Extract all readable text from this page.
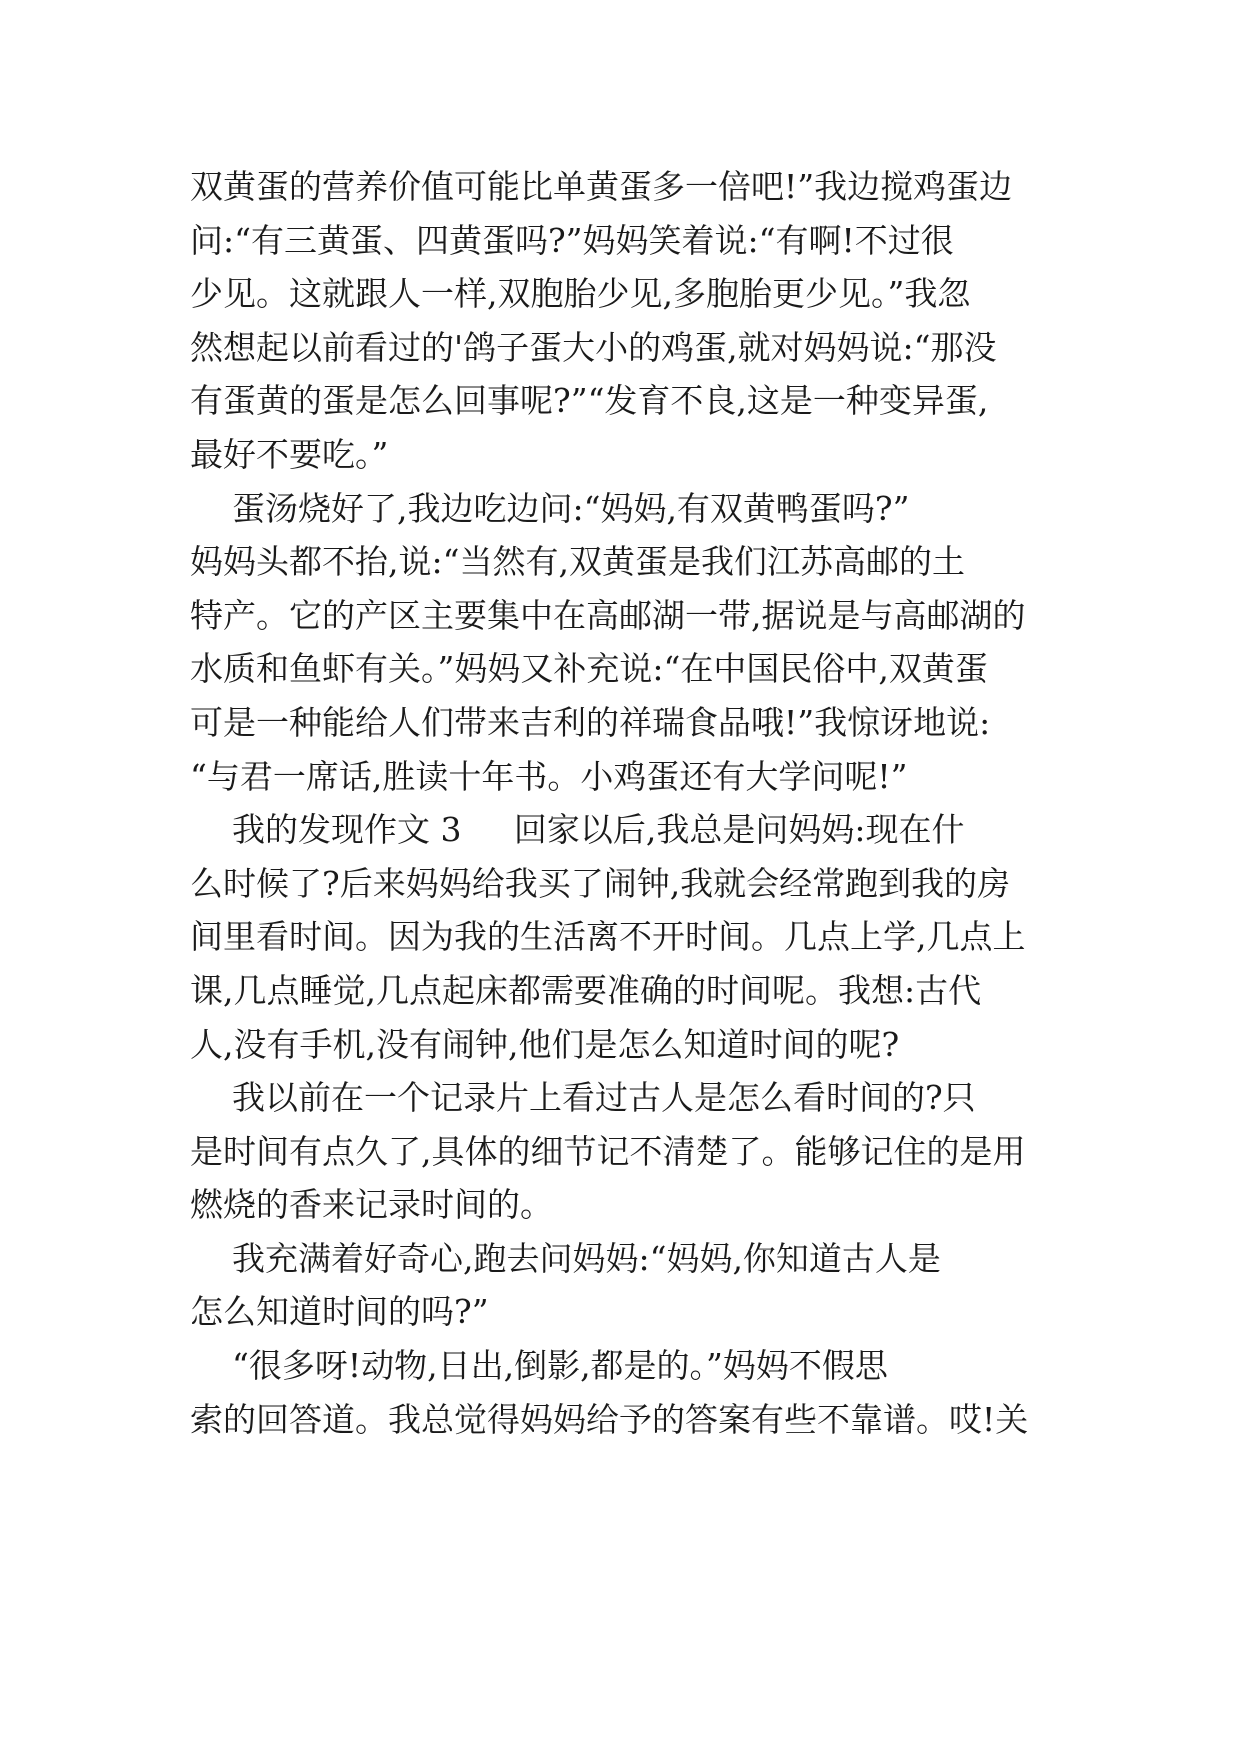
双黄蛋的营养价值可能比单黄蛋多一倍吧!”我边搅鸡蛋边
问:“有三黄蛋、四黄蛋吗?”妈妈笑着说:“有啊!不过很
少见。这就跟人一样,双胞胎少见,多胞胎更少见。”我忽
然想起以前看过的'鸽子蛋大小的鸡蛋,就对妈妈说:“那没
有蛋黄的蛋是怎么回事呢?”“发育不良,这是一种变异蛋,
最好不要吃。”
蛋汤烧好了,我边吃边问:“妈妈,有双黄鸭蛋吗?”
妈妈头都不抬,说:“当然有,双黄蛋是我们江苏高邮的土
特产。它的产区主要集中在高邮湖一带,据说是与高邮湖的
水质和鱼虾有关。”妈妈又补充说:“在中国民俗中,双黄蛋
可是一种能给人们带来吉利的祥瑞食品哦!”我惊讶地说:
“与君一席话,胜读十年书。小鸡蛋还有大学问呢!”
我的发现作文 3     回家以后,我总是问妈妈:现在什
么时候了?后来妈妈给我买了闹钟,我就会经常跑到我的房
间里看时间。因为我的生活离不开时间。几点上学,几点上
课,几点睡觉,几点起床都需要准确的时间呢。我想:古代
人,没有手机,没有闹钟,他们是怎么知道时间的呢?
我以前在一个记录片上看过古人是怎么看时间的?只
是时间有点久了,具体的细节记不清楚了。能够记住的是用
燃烧的香来记录时间的。
我充满着好奇心,跑去问妈妈:“妈妈,你知道古人是
怎么知道时间的吗?”
“很多呀!动物,日出,倒影,都是的。”妈妈不假思
索的回答道。我总觉得妈妈给予的答案有些不靠谱。哎!关
